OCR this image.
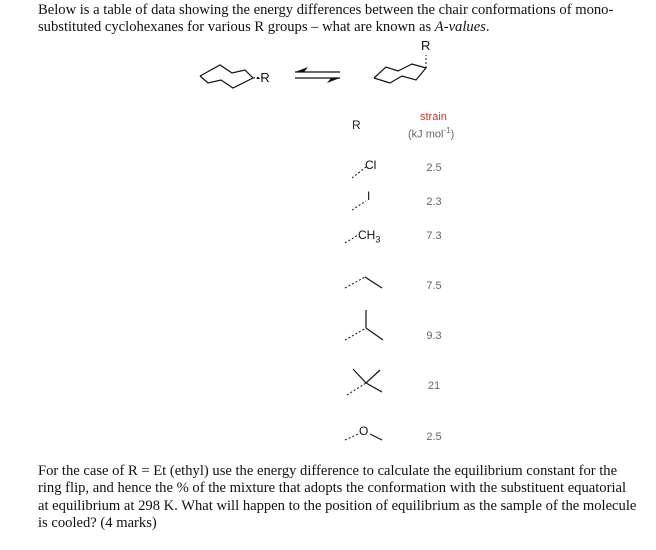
Below is a table of data showing the energy differences between the chair conformations of mono-substituted cyclohexanes for various R groups – what are known as A-values.
-R
R
R
strain
(kJ mol$^{-1}$)
Cl
I
$CH_3$
O
2.5
2.3
7.3
7.5
9.3
21
2.5
For the case of R = Et (ethyl) use the energy difference to calculate the equilibrium constant for the ring flip, and hence the % of the mixture that adopts the conformation with the substituent equatorial at equilibrium at 298 K. What will happen to the position of equilibrium as the sample of the molecule is cooled? (4 marks)
